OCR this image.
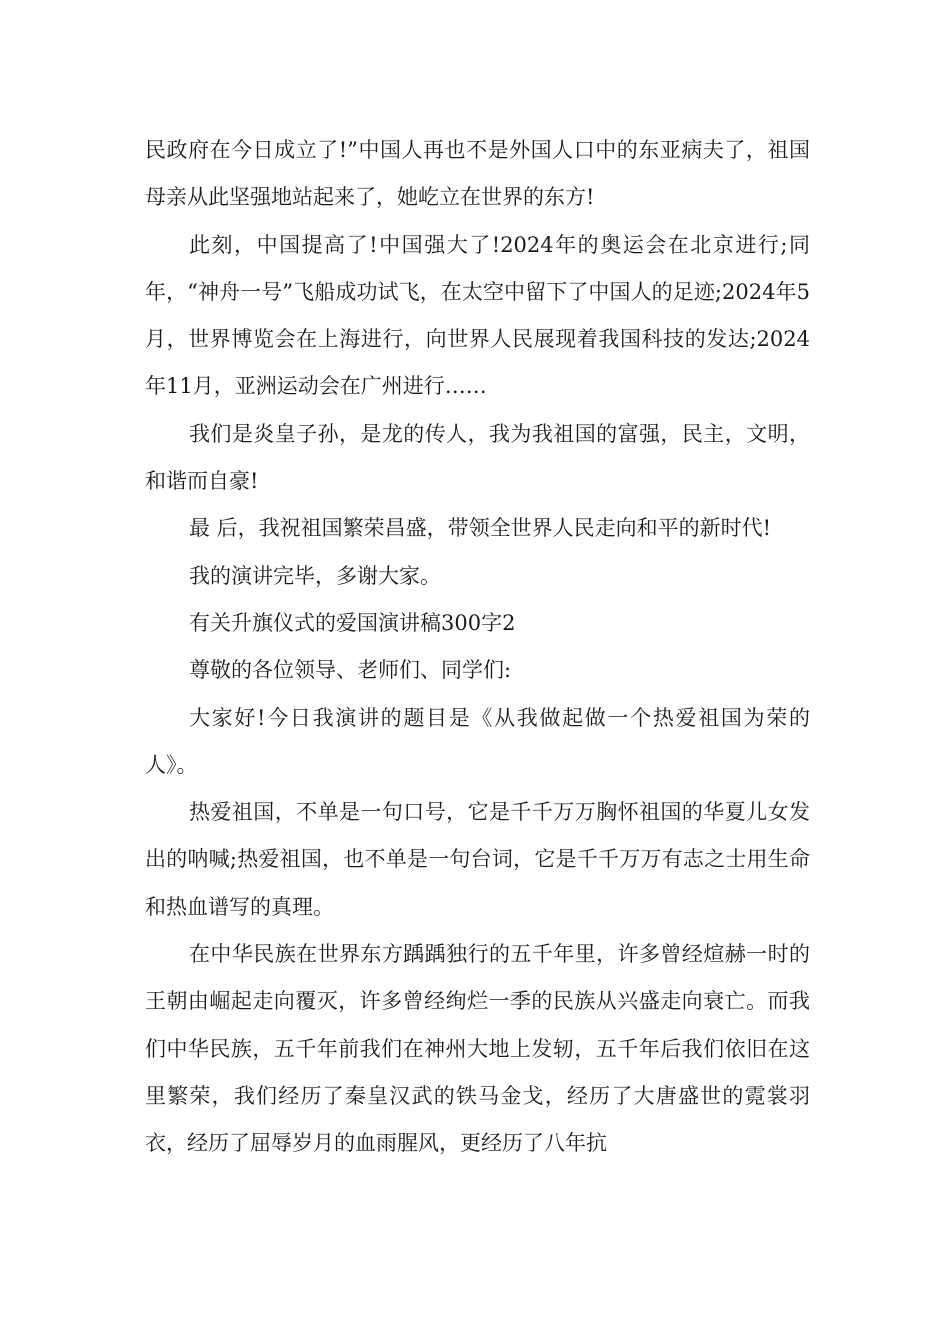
民政府在今日成立了!”中国人再也不是外国人口中的东亚病夫了，祖国母亲从此坚强地站起来了，她屹立在世界的东方!

此刻，中国提高了!中国强大了!2024年的奥运会在北京进行;同年，“神舟一号”飞船成功试飞，在太空中留下了中国人的足迹;2024年5月，世界博览会在上海进行，向世界人民展现着我国科技的发达;2024年11月，亚洲运动会在广州进行……

我们是炎皇子孙，是龙的传人，我为我祖国的富强，民主，文明，和谐而自豪!

最 后，我祝祖国繁荣昌盛，带领全世界人民走向和平的新时代!

我的演讲完毕，多谢大家。

有关升旗仪式的爱国演讲稿300字2

尊敬的各位领导、老师们、同学们:

大家好!今日我演讲的题目是《从我做起做一个热爱祖国为荣的人》。

热爱祖国，不单是一句口号，它是千千万万胸怀祖国的华夏儿女发出的呐喊;热爱祖国，也不单是一句台词，它是千千万万有志之士用生命和热血谱写的真理。

在中华民族在世界东方踽踽独行的五千年里，许多曾经煊赫一时的王朝由崛起走向覆灭，许多曾经绚烂一季的民族从兴盛走向衰亡。而我们中华民族，五千年前我们在神州大地上发轫，五千年后我们依旧在这里繁荣，我们经历了秦皇汉武的铁马金戈，经历了大唐盛世的霓裳羽衣，经历了屈辱岁月的血雨腥风，更经历了八年抗
